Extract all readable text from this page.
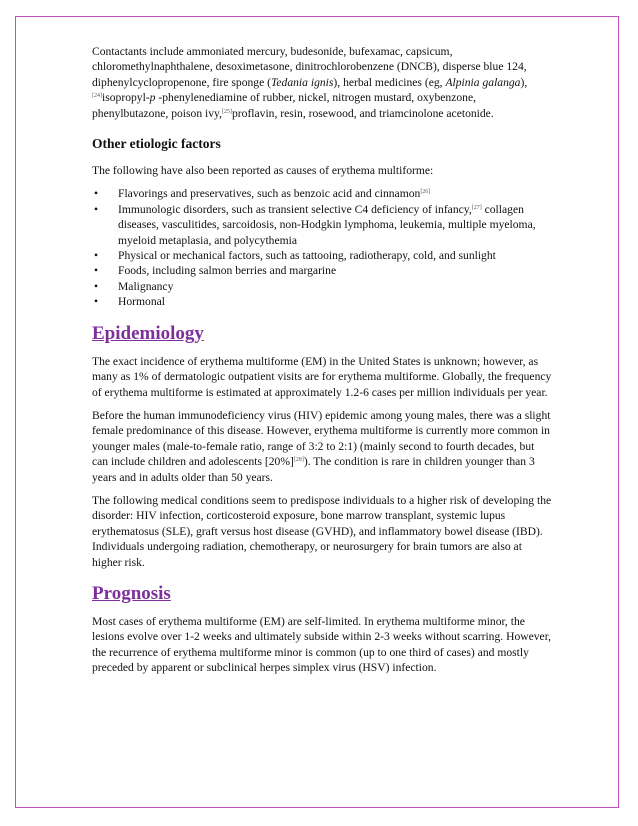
Contactants include ammoniated mercury, budesonide, bufexamac, capsicum, chloromethylnaphthalene, desoximetasone, dinitrochlorobenzene (DNCB), disperse blue 124, diphenylcyclopropenone, fire sponge (Tedania ignis), herbal medicines (eg, Alpinia galanga),[24]isopropyl-p -phenylenediamine of rubber, nickel, nitrogen mustard, oxybenzone, phenylbutazone, poison ivy,[25]proflavin, resin, rosewood, and triamcinolone acetonide.

Other etiologic factors

The following have also been reported as causes of erythema multiforme:

• Flavorings and preservatives, such as benzoic acid and cinnamon[26]
• Immunologic disorders, such as transient selective C4 deficiency of infancy,[27] collagen diseases, vasculitides, sarcoidosis, non-Hodgkin lymphoma, leukemia, multiple myeloma, myeloid metaplasia, and polycythemia
• Physical or mechanical factors, such as tattooing, radiotherapy, cold, and sunlight
• Foods, including salmon berries and margarine
• Malignancy
• Hormonal
Epidemiology

The exact incidence of erythema multiforme (EM) in the United States is unknown; however, as many as 1% of dermatologic outpatient visits are for erythema multiforme. Globally, the frequency of erythema multiforme is estimated at approximately 1.2-6 cases per million individuals per year.

Before the human immunodeficiency virus (HIV) epidemic among young males, there was a slight female predominance of this disease. However, erythema multiforme is currently more common in younger males (male-to-female ratio, range of 3:2 to 2:1) (mainly second to fourth decades, but can include children and adolescents [20%][28]). The condition is rare in children younger than 3 years and in adults older than 50 years.

The following medical conditions seem to predispose individuals to a higher risk of developing the disorder: HIV infection, corticosteroid exposure, bone marrow transplant, systemic lupus erythematosus (SLE), graft versus host disease (GVHD), and inflammatory bowel disease (IBD). Individuals undergoing radiation, chemotherapy, or neurosurgery for brain tumors are also at higher risk.

Prognosis

Most cases of erythema multiforme (EM) are self-limited. In erythema multiforme minor, the lesions evolve over 1-2 weeks and ultimately subside within 2-3 weeks without scarring. However, the recurrence of erythema multiforme minor is common (up to one third of cases) and mostly preceded by apparent or subclinical herpes simplex virus (HSV) infection.
